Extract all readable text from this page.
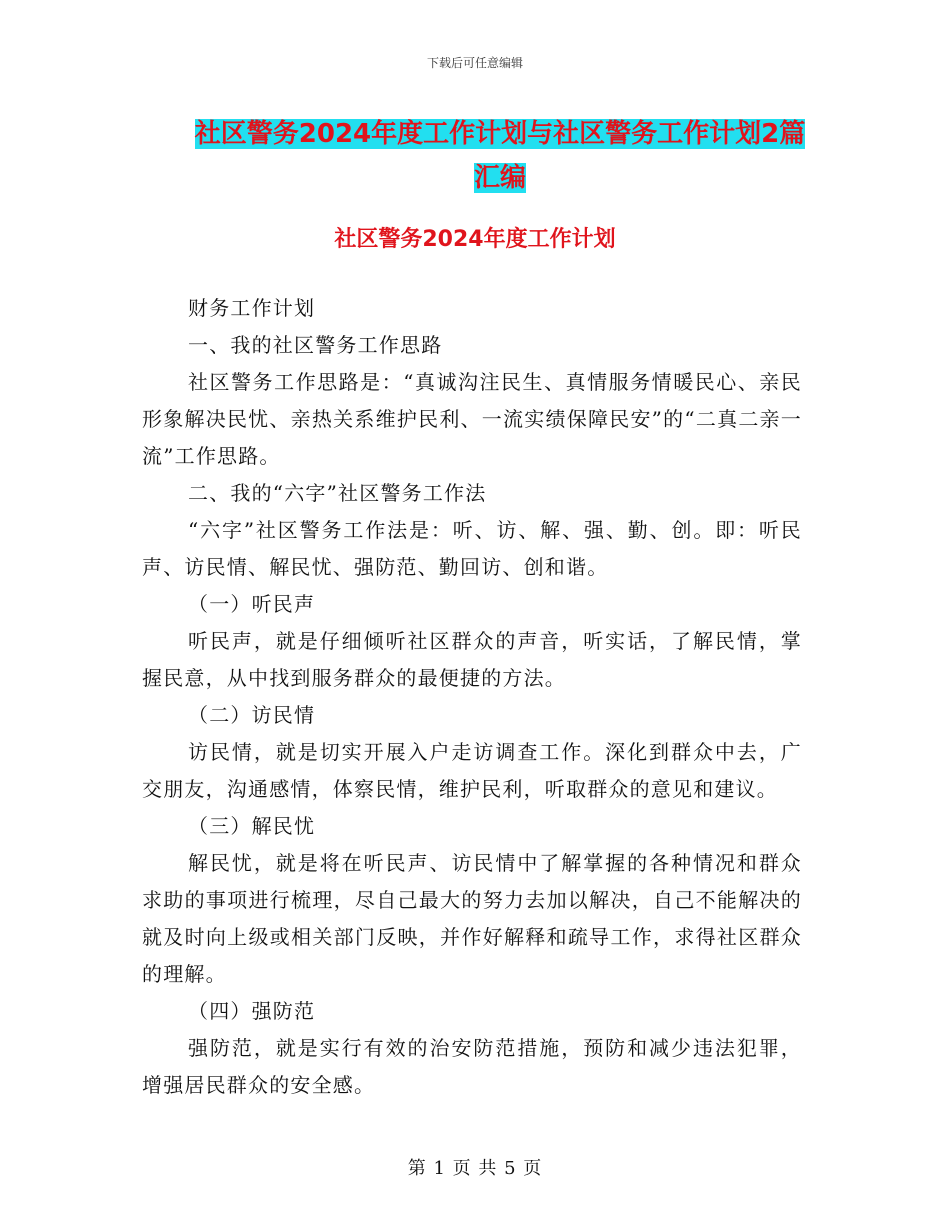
下载后可任意编辑
社区警务2024年度工作计划与社区警务工作计划2篇
汇编
社区警务2024年度工作计划

财务工作计划

一、我的社区警务工作思路

社区警务工作思路是：“真诚沟注民生、真情服务情暖民心、亲民形象解决民忧、亲热关系维护民利、一流实绩保障民安”的“二真二亲一流”工作思路。

二、我的“六字”社区警务工作法

“六字”社区警务工作法是：听、访、解、强、勤、创。即：听民声、访民情、解民忧、强防范、勤回访、创和谐。

（一）听民声

听民声，就是仔细倾听社区群众的声音，听实话，了解民情，掌握民意，从中找到服务群众的最便捷的方法。

（二）访民情

访民情，就是切实开展入户走访调查工作。深化到群众中去，广交朋友，沟通感情，体察民情，维护民利，听取群众的意见和建议。

（三）解民忧

解民忧，就是将在听民声、访民情中了解掌握的各种情况和群众求助的事项进行梳理，尽自己最大的努力去加以解决，自己不能解决的就及时向上级或相关部门反映，并作好解释和疏导工作，求得社区群众的理解。

（四）强防范

强防范，就是实行有效的治安防范措施，预防和减少违法犯罪，增强居民群众的安全感。

第 1 页 共 5 页
